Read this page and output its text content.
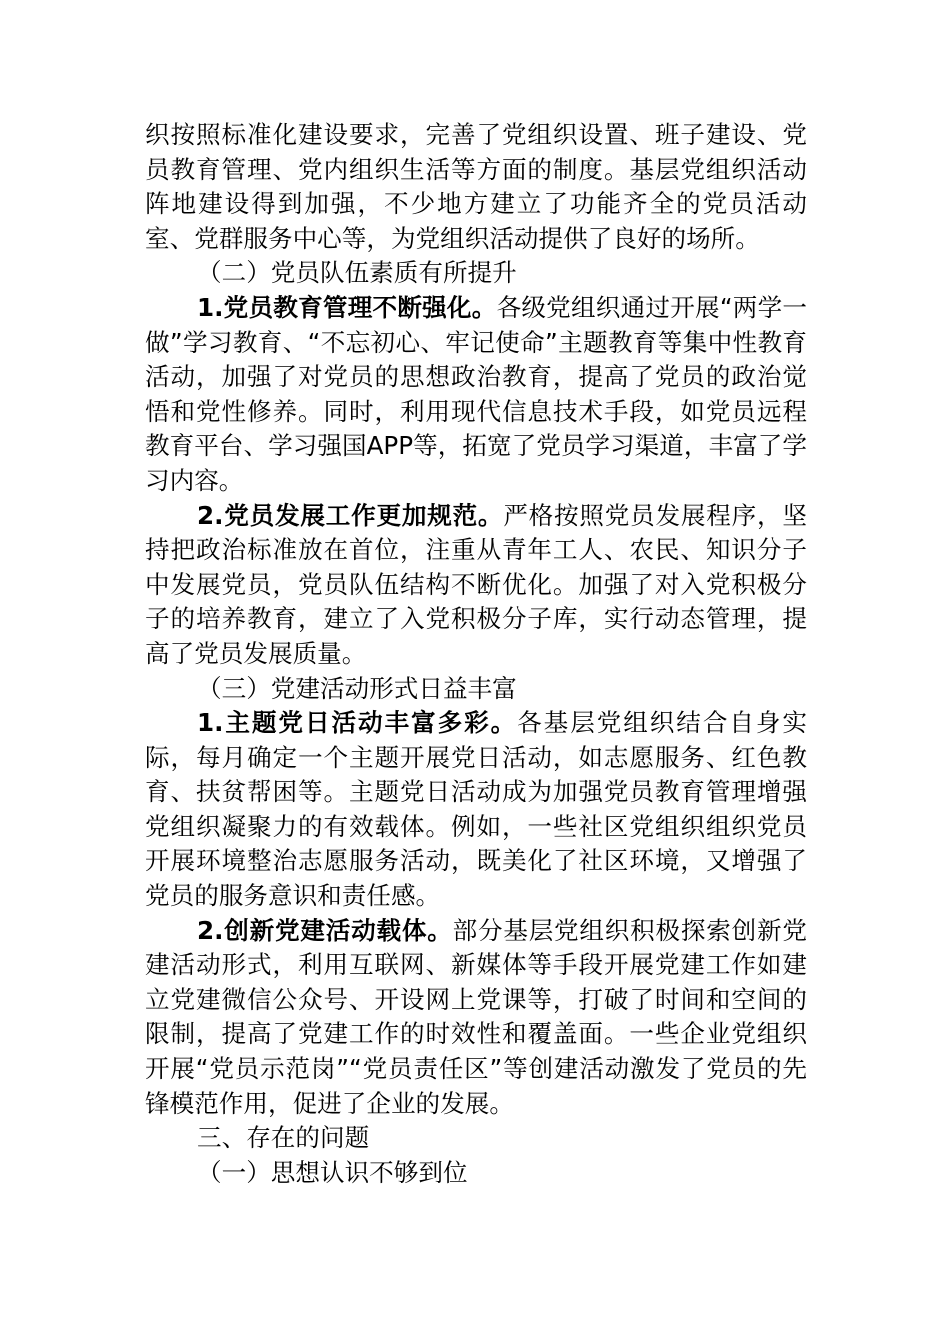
织按照标准化建设要求，完善了党组织设置、班子建设、党员教育管理、党内组织生活等方面的制度。基层党组织活动阵地建设得到加强，不少地方建立了功能齐全的党员活动室、党群服务中心等，为党组织活动提供了良好的场所。

（二）党员队伍素质有所提升

1.党员教育管理不断强化。各级党组织通过开展“两学一做”学习教育、“不忘初心、牢记使命”主题教育等集中性教育活动，加强了对党员的思想政治教育，提高了党员的政治觉悟和党性修养。同时，利用现代信息技术手段，如党员远程教育平台、学习强国APP等，拓宽了党员学习渠道，丰富了学习内容。

2.党员发展工作更加规范。严格按照党员发展程序，坚持把政治标准放在首位，注重从青年工人、农民、知识分子中发展党员，党员队伍结构不断优化。加强了对入党积极分子的培养教育，建立了入党积极分子库，实行动态管理，提高了党员发展质量。

（三）党建活动形式日益丰富

1.主题党日活动丰富多彩。各基层党组织结合自身实际，每月确定一个主题开展党日活动，如志愿服务、红色教育、扶贫帮困等。主题党日活动成为加强党员教育管理增强党组织凝聚力的有效载体。例如，一些社区党组织组织党员开展环境整治志愿服务活动，既美化了社区环境，又增强了党员的服务意识和责任感。

2.创新党建活动载体。部分基层党组织积极探索创新党建活动形式，利用互联网、新媒体等手段开展党建工作如建立党建微信公众号、开设网上党课等，打破了时间和空间的限制，提高了党建工作的时效性和覆盖面。一些企业党组织开展“党员示范岗”“党员责任区”等创建活动激发了党员的先锋模范作用，促进了企业的发展。

三、存在的问题

（一）思想认识不够到位
